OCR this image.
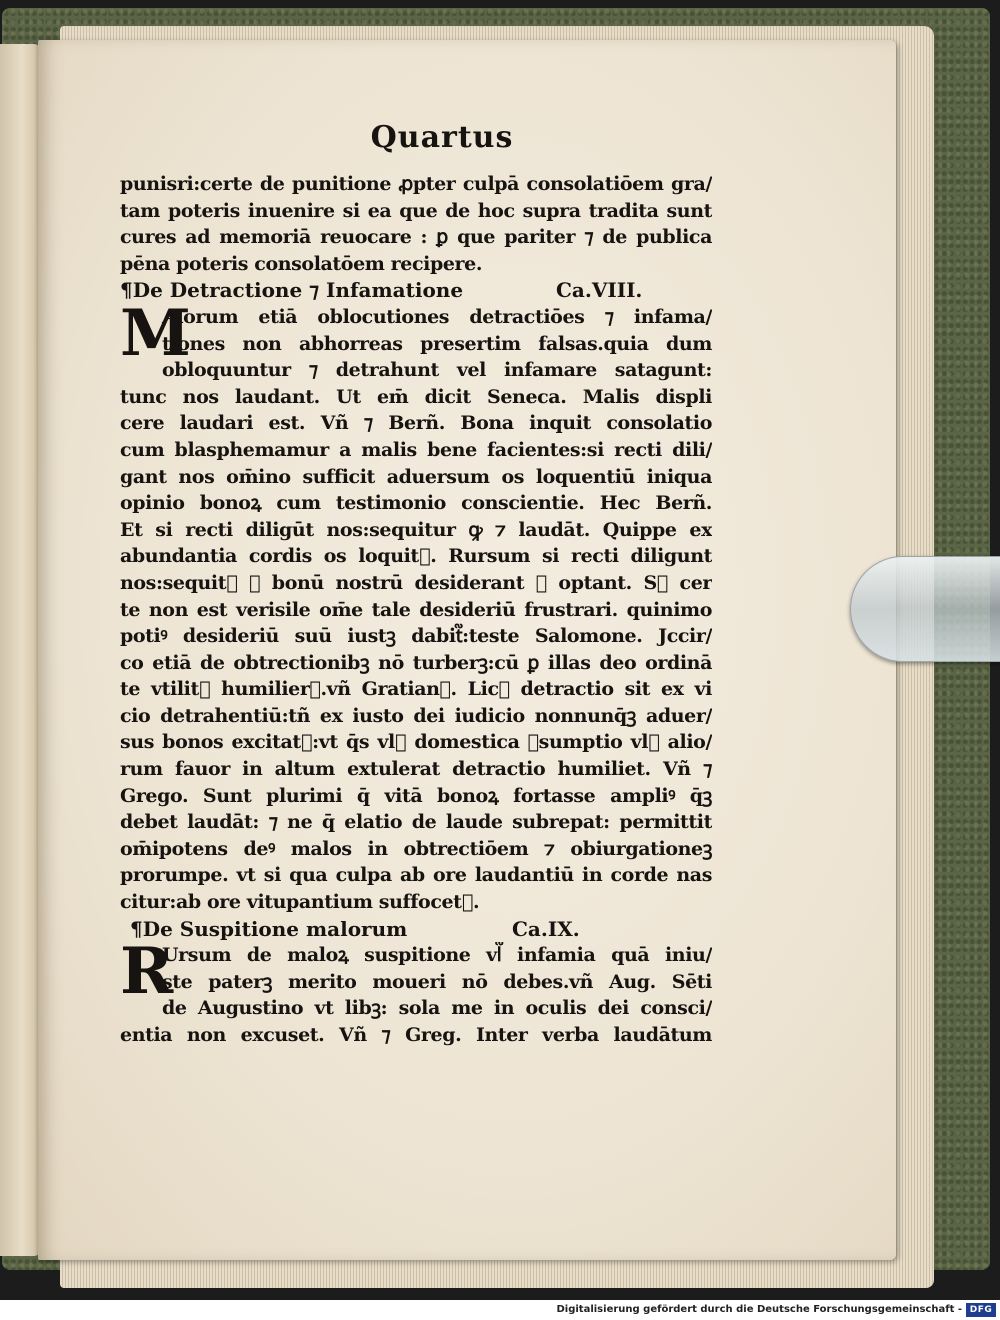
Quartus
punisri:certe de punitione ꝓpter culpā consolatiōem gra/
tam poteris inuenire si ea que de hoc supra tradita sunt
cures ad memoriā reuocare : ꝑ que pariter ⁊ de publica
pēna poteris consolatōem recipere.
¶De Detractione ⁊ Infamatione	Ca.VIII.
M
Alorum etiā oblocutiones detractiōes ⁊ infama/
tiones non abhorreas presertim falsas.quia dum
obloquuntur ⁊ detrahunt vel infamare satagunt:
tunc nos laudant. Ut em̄ dicit Seneca. Malis displi
cere laudari est. Vñ ⁊ Berñ. Bona inquit consolatio
cum blasphemamur a malis bene facientes:si recti dili/
gant nos om̄ino sufficit aduersum os loquentiū iniqua
opinio bonoꝝ cum testimonio conscientie. Hec Berñ.
Et si recti diligūt nos:sequitur ꝙ ⁊ laudāt. Quippe ex
abundantia cordis os loquit᷑. Rursum si recti diligunt
nos:sequit᷑ ꝙ bonū nostrū desiderant ⁊ optant. Sꝫ cer
te non est verisile om̄e tale desideriū frustrari. quinimo
potiꝰ desideriū suū iustꝫ dabit᷑:teste Salomone. Jccir/
co etiā de obtrectionibꝫ nō turberꝫ:cū ꝑ illas deo ordinā
te vtilit᷑ humilierꝫ.vñ Gratianꝰ. Licꝫ detractio sit ex vi
cio detrahentiū:tñ ex iusto dei iudicio nonnunq̄ꝫ aduer/
sus bonos excitat᷑:vt q̄s vl᷑ domestica ꝓsumptio vl᷑ alio/
rum fauor in altum extulerat detractio humiliet. Vñ ⁊
Grego. Sunt plurimi q̄ vitā bonoꝝ fortasse ampliꝰ q̄ꝫ
debet laudāt: ⁊ ne q̄ elatio de laude subrepat: permittit
om̄ipotens deꝰ malos in obtrectiōem ⁊ obiurgationeꝫ
prorumpe. vt si qua culpa ab ore laudantiū in corde nas
citur:ab ore vitupantium suffocet᷑.
¶De Suspitione malorum	Ca.IX.
R
Ursum de maloꝝ suspitione vl᷑ infamia quā iniu/
ste paterꝫ merito moueri nō debes.vñ Aug. Sēti
de Augustino vt libꝫ: sola me in oculis dei consci/
entia non excuset. Vñ ⁊ Greg. Inter verba laudātum
Digitalisierung gefördert durch die Deutsche Forschungsgemeinschaft - DFG
